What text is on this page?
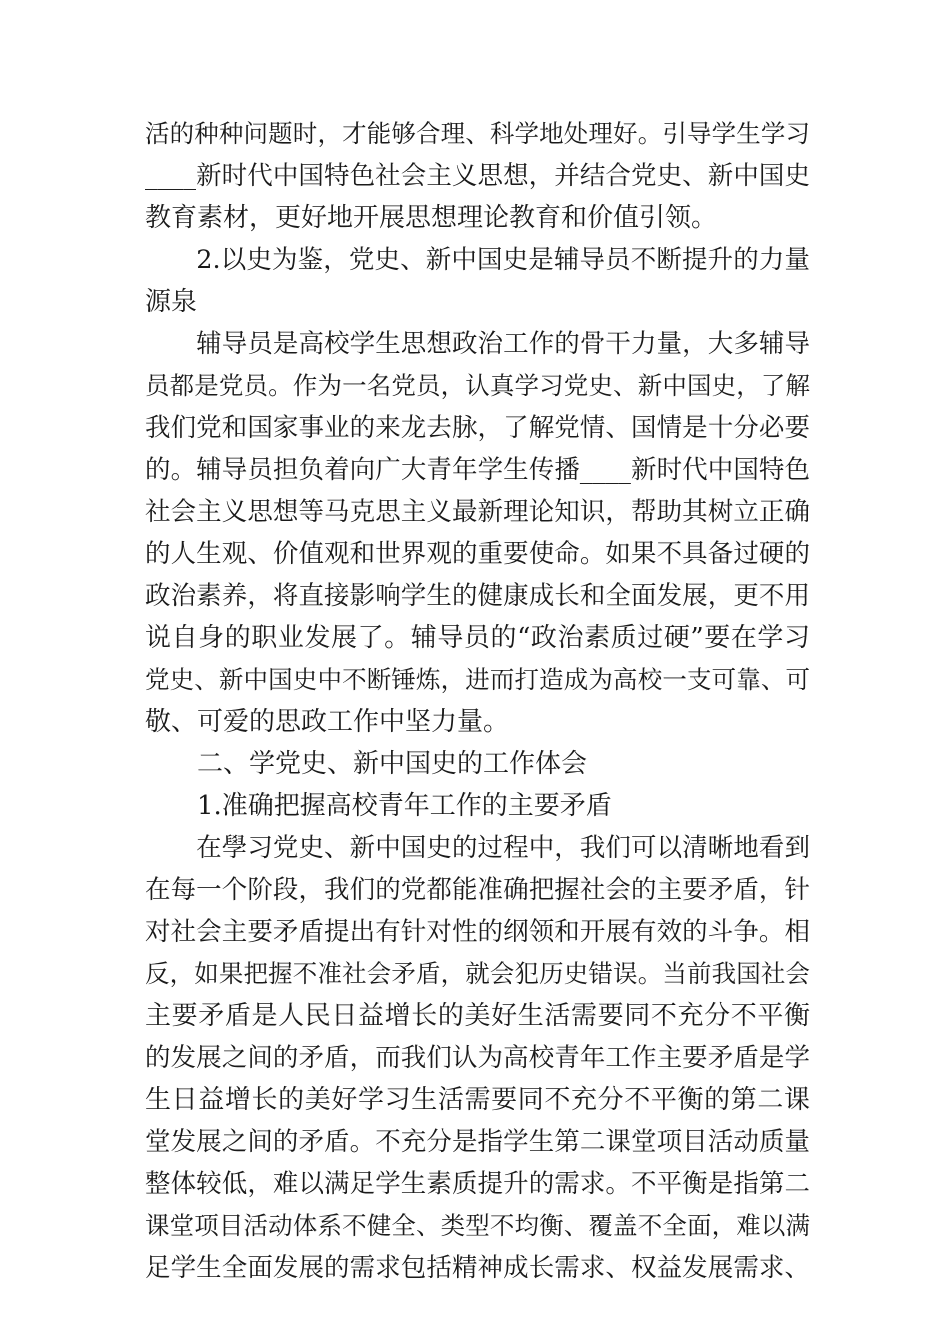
活的种种问题时，才能够合理、科学地处理好。引导学生学习
____新时代中国特色社会主义思想，并结合党史、新中国史
教育素材，更好地开展思想理论教育和价值引领。
　　2.以史为鉴，党史、新中国史是辅导员不断提升的力量
源泉
　　辅导员是高校学生思想政治工作的骨干力量，大多辅导
员都是党员。作为一名党员，认真学习党史、新中国史，了解
我们党和国家事业的来龙去脉，了解党情、国情是十分必要
的。辅导员担负着向广大青年学生传播____新时代中国特色
社会主义思想等马克思主义最新理论知识，帮助其树立正确
的人生观、价值观和世界观的重要使命。如果不具备过硬的
政治素养，将直接影响学生的健康成长和全面发展，更不用
说自身的职业发展了。辅导员的“政治素质过硬”要在学习
党史、新中国史中不断锤炼，进而打造成为高校一支可靠、可
敬、可爱的思政工作中坚力量。
　　二、学党史、新中国史的工作体会
　　1.准确把握高校青年工作的主要矛盾
　　在學习党史、新中国史的过程中，我们可以清晰地看到
在每一个阶段，我们的党都能准确把握社会的主要矛盾，针
对社会主要矛盾提出有针对性的纲领和开展有效的斗争。相
反，如果把握不准社会矛盾，就会犯历史错误。当前我国社会
主要矛盾是人民日益增长的美好生活需要同不充分不平衡
的发展之间的矛盾，而我们认为高校青年工作主要矛盾是学
生日益增长的美好学习生活需要同不充分不平衡的第二课
堂发展之间的矛盾。不充分是指学生第二课堂项目活动质量
整体较低，难以满足学生素质提升的需求。不平衡是指第二
课堂项目活动体系不健全、类型不均衡、覆盖不全面，难以满
足学生全面发展的需求包括精神成长需求、权益发展需求、
